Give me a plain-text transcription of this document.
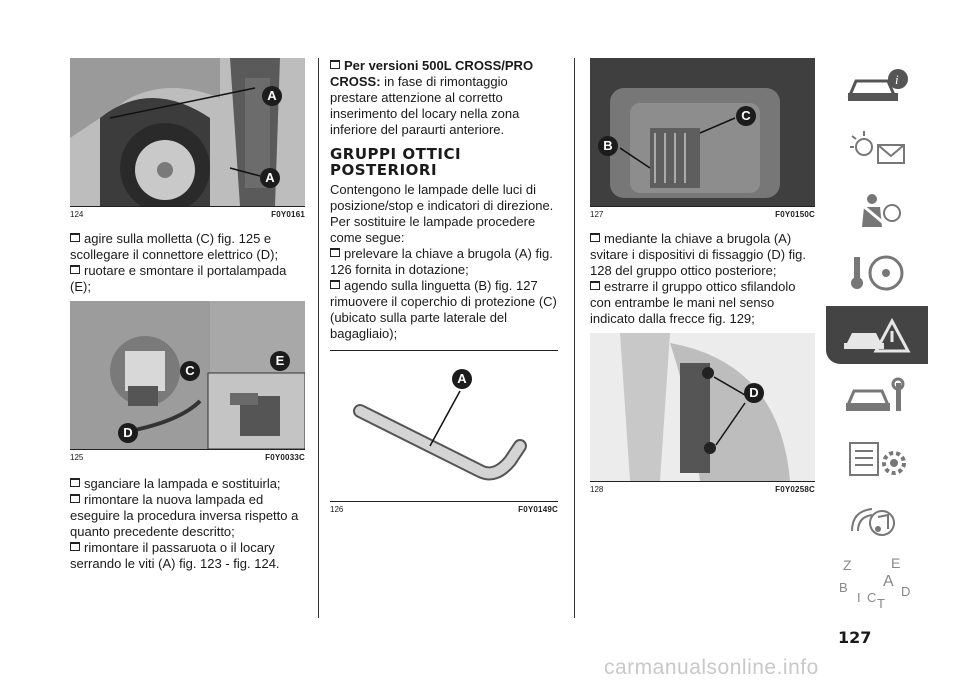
A
A
124	F0Y0161

agire sulla molletta (C) fig. 125 e scollegare il connettore elettrico (D);

ruotare e smontare il portalampada (E);

C
E
D
125	F0Y0033C

sganciare la lampada e sostituirla;

rimontare la nuova lampada ed eseguire la procedura inversa rispetto a quanto precedente descritto;

rimontare il passaruota o il locary serrando le viti (A) fig. 123 - fig. 124.

Per versioni 500L CROSS/PRO CROSS: in fase di rimontaggio prestare attenzione al corretto inserimento del locary nella zona inferiore del paraurti anteriore.

GRUPPI OTTICI POSTERIORI

Contengono le lampade delle luci di posizione/stop e indicatori di direzione. Per sostituire le lampade procedere come segue:

prelevare la chiave a brugola (A) fig. 126 fornita in dotazione;

agendo sulla linguetta (B) fig. 127 rimuovere il coperchio di protezione (C) (ubicato sulla parte laterale del bagagliaio);

A
126	F0Y0149C
C
B
127	F0Y0150C

mediante la chiave a brugola (A) svitare i dispositivi di fissaggio (D) fig. 128 del gruppo ottico posteriore;

estrarre il gruppo ottico sfilandolo con entrambe le mani nel senso indicato dalla frecce fig. 129;

D
128	F0Y0258C
i
Z	E
A
B	D
I C T
127
carmanualsonline.info
